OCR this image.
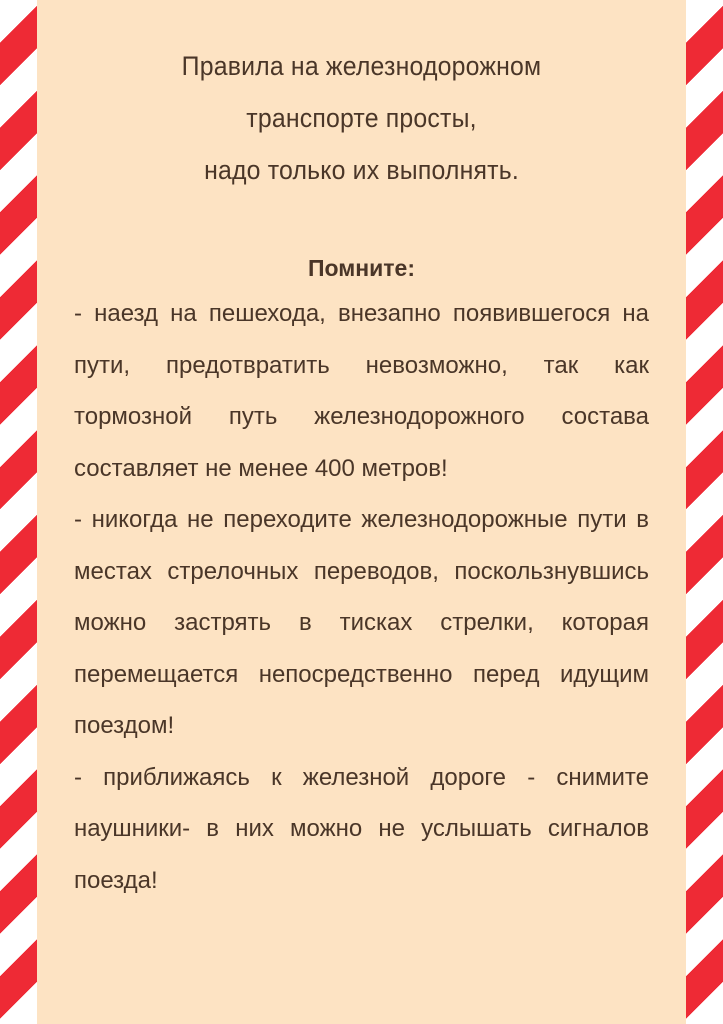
Правила на железнодорожном

транспорте просты,

надо только их выполнять.

Помните:

- наезд на пешехода, внезапно появившегося на пути, предотвратить невозможно, так как тормозной путь железнодорожного состава составляет не менее 400 метров!

- никогда не переходите железнодорожные пути в местах стрелочных переводов, поскользнувшись можно застрять в тисках стрелки, которая перемещается непосредственно перед идущим поездом!

- приближаясь к железной дороге - снимите наушники- в них можно не услышать сигналов поезда!
